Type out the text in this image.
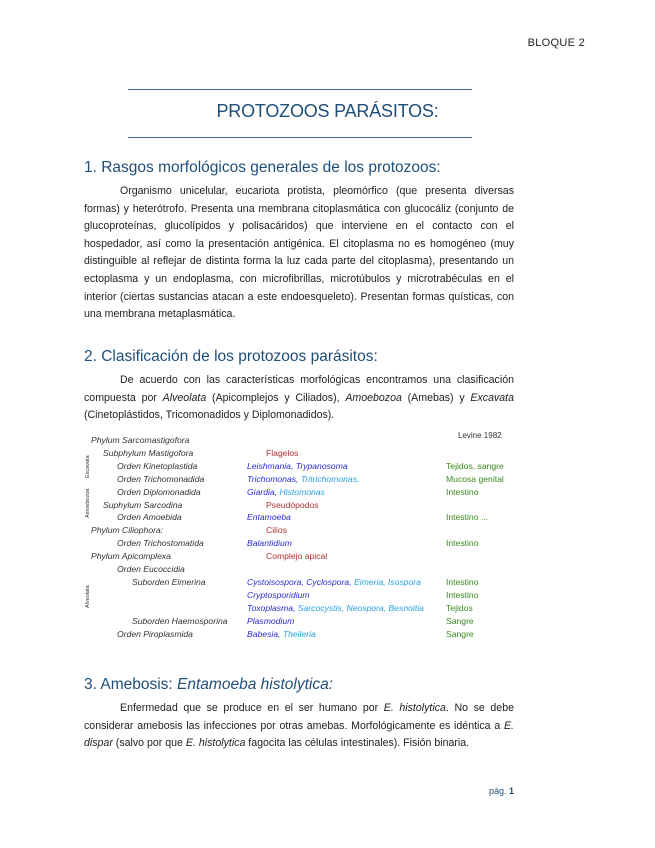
BLOQUE 2
PROTOZOOS PARÁSITOS:
1. Rasgos morfológicos generales de los protozoos:
Organismo unicelular, eucariota protista, pleomórfico (que presenta diversas formas) y heterótrofo. Presenta una membrana citoplasmática con glucocáliz (conjunto de glucoproteínas, glucolípidos y polisacáridos) que interviene en el contacto con el hospedador, así como la presentación antigénica. El citoplasma no es homogéneo (muy distinguible al reflejar de distinta forma la luz cada parte del citoplasma), presentando un ectoplasma y un endoplasma, con microfibrillas, microtúbulos y microtrabéculas en el interior (ciertas sustancias atacan a este endoesqueleto). Presentan formas quísticas, con una membrana metaplasmática.
2. Clasificación de los protozoos parásitos:
De acuerdo con las características morfológicas encontramos una clasificación compuesta por Alveolata (Apicomplejos y Ciliados), Amoebozoa (Amebas) y Excavata (Cinetoplástidos, Tricomonadidos y Diplomonadidos).
Levine 1982
Excavata
Amoebozoa
Alveolata
Phylum Sarcomastigofora
Subphylum Mastigofora	Flagelos
Orden Kinetoplastida	Leishmania, Trypanosoma	Tejidos, sangre
Orden Trichomonadida	Trichomonas, Tritrichomonas,	Mucosa genital
Orden Diplomonadida	Giardia, Histomonas	Intestino
Suphylum Sarcodina	Pseudópodos
Orden Amoebida	Entamoeba	Intestino ...
Phylum Ciliophora:	Cilios
Orden Trichostomatida	Balantidium	Intestino
Phylum Apicomplexa	Complejo apical
Orden Eucoccidia
Suborden Eimerina	Cystoisospora, Cyclospora, Eimeria, Isospora	Intestino
Cryptosporidium	Intestino
Toxoplasma, Sarcocystis, Neospora, Besnoitia	Tejidos
Suborden Haemosporina Plasmodium	Sangre
Orden Piroplasmida	Babesia, Theileria	Sangre
3. Amebosis: Entamoeba histolytica:
Enfermedad que se produce en el ser humano por E. histolytica. No se debe considerar amebosis las infecciones por otras amebas. Morfológicamente es idéntica a E. dispar (salvo por que E. histolytica fagocita las células intestinales). Fisión binaria.
pág. 1
